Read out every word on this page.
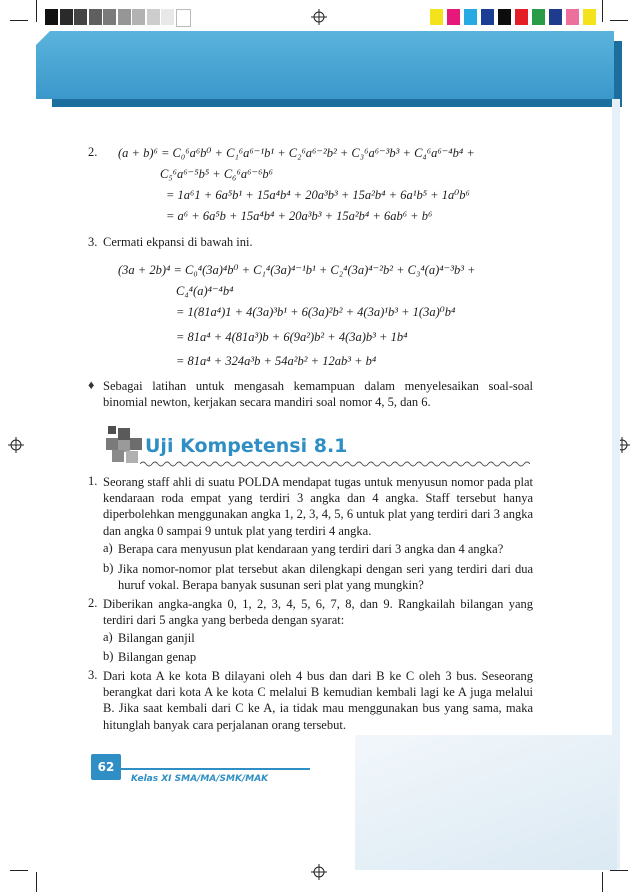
2. (a + b)⁶ = C₀⁶a⁶b⁰ + C₁⁶a⁶⁻¹b¹ + C₂⁶a⁶⁻²b² + C₃⁶a⁶⁻³b³ + C₄⁶a⁶⁻⁴b⁴ +
C₅⁶a⁶⁻⁵b⁵ + C₆⁶a⁶⁻⁶b⁶
= 1a⁶1 + 6a⁵b¹ + 15a⁴b⁴ + 20a³b³ + 15a²b⁴ + 6a¹b⁵ + 1a⁰b⁶
= a⁶ + 6a⁵b + 15a⁴b⁴ + 20a³b³ + 15a²b⁴ + 6ab⁶ + b⁶
3. Cermati ekpansi di bawah ini.
(3a + 2b)⁴ = C₀⁴(3a)⁴b⁰ + C₁⁴(3a)⁴⁻¹b¹ + C₂⁴(3a)⁴⁻²b² + C₃⁴(a)⁴⁻³b³ +
C₄⁴(a)⁴⁻⁴b⁴
= 1(81a⁴)1 + 4(3a)³b¹ + 6(3a)²b² + 4(3a)¹b³ + 1(3a)⁰b⁴
= 81a⁴ + 4(81a³)b + 6(9a²)b² + 4(3a)b³ + 1b⁴
= 81a⁴ + 324a³b + 54a²b² + 12ab³ + b⁴
♦ Sebagai latihan untuk mengasah kemampuan dalam menyelesaikan soal-soal binomial newton, kerjakan secara mandiri soal nomor 4, 5, dan 6.
Uji Kompetensi 8.1
1. Seorang staff ahli di suatu POLDA mendapat tugas untuk menyusun nomor pada plat kendaraan roda empat yang terdiri 3 angka dan 4 angka. Staff tersebut hanya diperbolehkan menggunakan angka 1, 2, 3, 4, 5, 6 untuk plat yang terdiri dari 3 angka dan angka 0 sampai 9 untuk plat yang terdiri 4 angka.
a) Berapa cara menyusun plat kendaraan yang terdiri dari 3 angka dan 4 angka?
b) Jika nomor-nomor plat tersebut akan dilengkapi dengan seri yang terdiri dari dua huruf vokal. Berapa banyak susunan seri plat yang mungkin?
2. Diberikan angka-angka 0, 1, 2, 3, 4, 5, 6, 7, 8, dan 9. Rangkailah bilangan yang terdiri dari 5 angka yang berbeda dengan syarat:
a) Bilangan ganjil
b) Bilangan genap
3. Dari kota A ke kota B dilayani oleh 4 bus dan dari B ke C oleh 3 bus. Seseorang berangkat dari kota A ke kota C melalui B kemudian kembali lagi ke A juga melalui B. Jika saat kembali dari C ke A, ia tidak mau menggunakan bus yang sama, maka hitunglah banyak cara perjalanan orang tersebut.
62
Kelas XI SMA/MA/SMK/MAK
